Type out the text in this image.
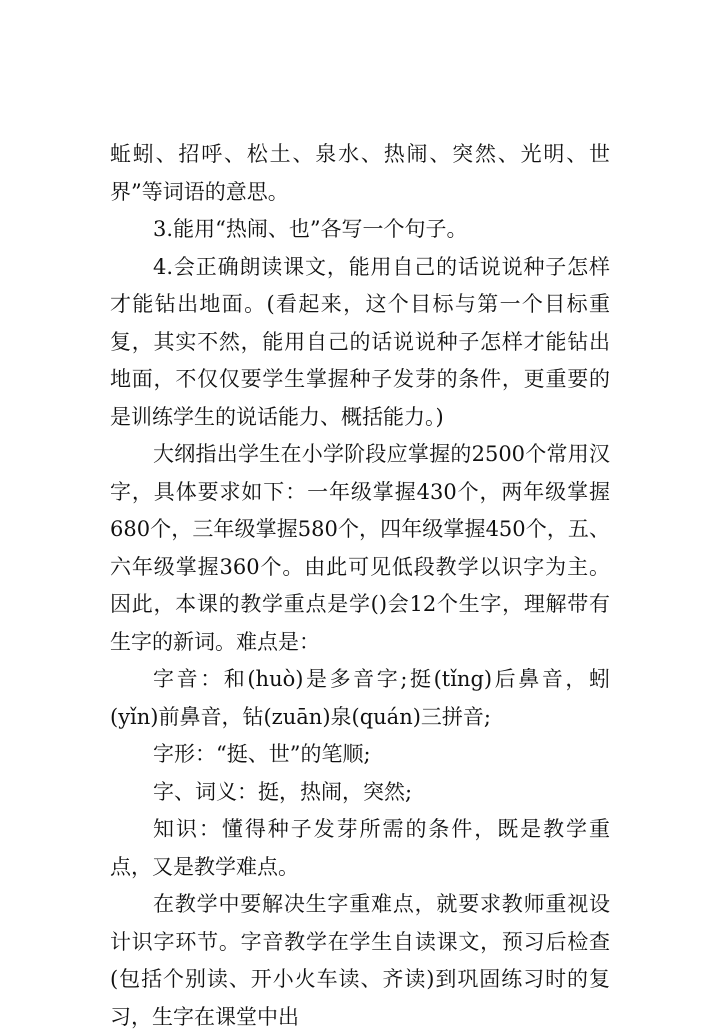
蚯蚓、招呼、松土、泉水、热闹、突然、光明、世界”等词语的意思。

3.能用“热闹、也”各写一个句子。

4.会正确朗读课文，能用自己的话说说种子怎样才能钻出地面。(看起来，这个目标与第一个目标重复，其实不然，能用自己的话说说种子怎样才能钻出地面，不仅仅要学生掌握种子发芽的条件，更重要的是训练学生的说话能力、概括能力。)

大纲指出学生在小学阶段应掌握的2500个常用汉字，具体要求如下：一年级掌握430个，两年级掌握680个，三年级掌握580个，四年级掌握450个，五、六年级掌握360个。由此可见低段教学以识字为主。因此，本课的教学重点是学()会12个生字，理解带有生字的新词。难点是：

字音：和(huò)是多音字;挺(tǐng)后鼻音，蚓(yǐn)前鼻音，钻(zuān)泉(quán)三拼音;

字形：“挺、世”的笔顺;

字、词义：挺，热闹，突然;

知识：懂得种子发芽所需的条件，既是教学重点，又是教学难点。

在教学中要解决生字重难点，就要求教师重视设计识字环节。字音教学在学生自读课文，预习后检查(包括个别读、开小火车读、齐读)到巩固练习时的复习，生字在课堂中出
